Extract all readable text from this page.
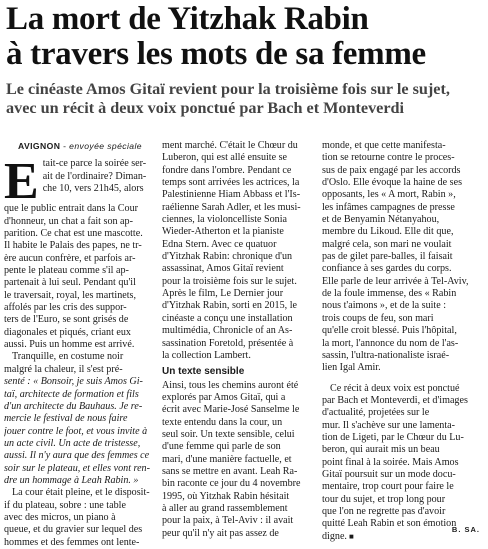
La mort de Yitzhak Rabin
à travers les mots de sa femme
Le cinéaste Amos Gitaï revient pour la troisième fois sur le sujet,
avec un récit à deux voix ponctué par Bach et Monteverdi
AVIGNON - envoyée spéciale
E tait-ce parce la soirée ser-
ait de l'ordinaire? Diman-
che 10, vers 21h45, alors
que le public entrait dans la Cour
d'honneur, un chat a fait son ap-
parition. Ce chat est une mascotte.
Il habite le Palais des papes, ne tr-
ère aucun confrère, et parfois ar-
pente le plateau comme s'il ap-
partenait à lui seul. Pendant qu'il
le traversait, royal, les martinets,
affolés par les cris des suppor-
ters de l'Euro, se sont grisés de
diagonales et piqués, criant eux
aussi. Puis un homme est arrivé.
Tranquille, en costume noir
malgré la chaleur, il s'est pré-
senté : « Bonsoir, je suis Amos Gi-
taï, architecte de formation et fils
d'un architecte du Bauhaus. Je re-
mercie le festival de nous faire
jouer contre le foot, et vous invite à
un acte civil. Un acte de tristesse,
aussi. Il n'y aura que des femmes ce
soir sur le plateau, et elles vont ren-
dre un hommage à Leah Rabin. »
La cour était pleine, et le disposit-
if du plateau, sobre : une table
avec des micros, un piano à
queue, et du gravier sur lequel des
hommes et des femmes ont lente-
ment marché. C'était le Chœur du
Luberon, qui est allé ensuite se
fondre dans l'ombre. Pendant ce
temps sont arrivées les actrices, la
Palestinienne Hiam Abbass et l'Is-
raélienne Sarah Adler, et les musi-
ciennes, la violoncelliste Sonia
Wieder-Atherton et la pianiste
Edna Stern. Avec ce quatuor
d'Yitzhak Rabin: chronique d'un
assassinat, Amos Gitaï revient
pour la troisième fois sur le sujet.
Après le film, Le Dernier jour
d'Yitzhak Rabin, sorti en 2015, le
cinéaste a conçu une installation
multimédia, Chronicle of an As-
sassination Foretold, présentée à
la collection Lambert.
Un texte sensible
Ainsi, tous les chemins auront été
explorés par Amos Gitaï, qui a
écrit avec Marie-José Sanselme le
texte entendu dans la cour, un
seul soir. Un texte sensible, celui
d'une femme qui parle de son
mari, d'une manière factuelle, et
sans se mettre en avant. Leah Ra-
bin raconte ce jour du 4 novembre
1995, où Yitzhak Rabin hésitait
à aller au grand rassemblement
pour la paix, à Tel-Aviv : il avait
peur qu'il n'y ait pas assez de
monde, et que cette manifesta-
tion se retourne contre le proces-
sus de paix engagé par les accords
d'Oslo. Elle évoque la haine de ses
opposants, les « A mort, Rabin »,
les infâmes campagnes de presse
et de Benyamin Nétanyahou,
membre du Likoud. Elle dit que,
malgré cela, son mari ne voulait
pas de gilet pare-balles, il faisait
confiance à ses gardes du corps.
Elle parle de leur arrivée à Tel-Aviv,
de la foule immense, des « Rabin
nous t'aimons », et de la suite :
trois coups de feu, son mari
qu'elle croit blessé. Puis l'hôpital,
la mort, l'annonce du nom de l'as-
sassin, l'ultra-nationaliste israé-
lien Igal Amir.
Ce récit à deux voix est ponctué
par Bach et Monteverdi, et d'images
d'actualité, projetées sur le
mur. Il s'achève sur une lamenta-
tion de Ligeti, par le Chœur du Lu-
beron, qui aurait mis un beau
point final à la soirée. Mais Amos
Gitaï poursuit sur un mode docu-
mentaire, trop court pour faire le
tour du sujet, et trop long pour
que l'on ne regrette pas d'avoir
quitté Leah Rabin et son émotion
digne. ■
B. SA.
